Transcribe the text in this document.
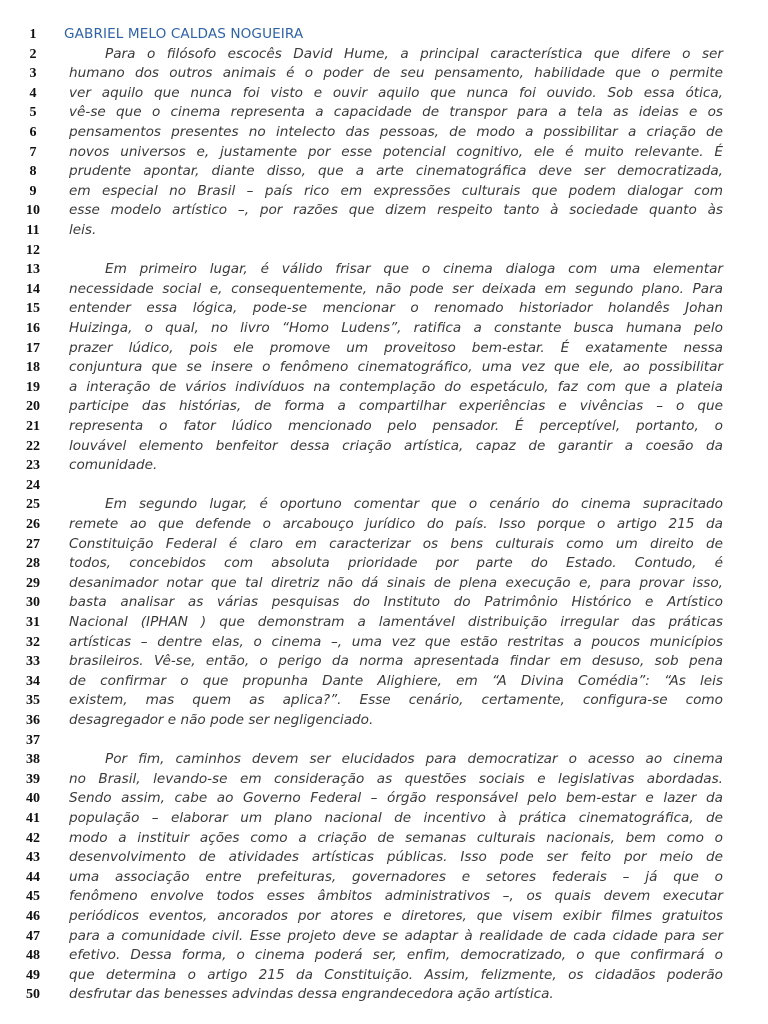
1	GABRIEL MELO CALDAS NOGUEIRA
2	Para o filósofo escocês David Hume, a principal característica que difere o ser
3	humano dos outros animais é o poder de seu pensamento, habilidade que o permite
4	ver aquilo que nunca foi visto e ouvir aquilo que nunca foi ouvido. Sob essa ótica,
5	vê-se que o cinema representa a capacidade de transpor para a tela as ideias e os
6	pensamentos presentes no intelecto das pessoas, de modo a possibilitar a criação de
7	novos universos e, justamente por esse potencial cognitivo, ele é muito relevante. É
8	prudente apontar, diante disso, que a arte cinematográfica deve ser democratizada,
9	em especial no Brasil – país rico em expressões culturais que podem dialogar com
10	esse modelo artístico –, por razões que dizem respeito tanto à sociedade quanto às
11	leis.
12
13	Em primeiro lugar, é válido frisar que o cinema dialoga com uma elementar
14	necessidade social e, consequentemente, não pode ser deixada em segundo plano. Para
15	entender essa lógica, pode-se mencionar o renomado historiador holandês Johan
16	Huizinga, o qual, no livro “Homo Ludens”, ratifica a constante busca humana pelo
17	prazer lúdico, pois ele promove um proveitoso bem-estar. É exatamente nessa
18	conjuntura que se insere o fenômeno cinematográfico, uma vez que ele, ao possibilitar
19	a interação de vários indivíduos na contemplação do espetáculo, faz com que a plateia
20	participe das histórias, de forma a compartilhar experiências e vivências – o que
21	representa o fator lúdico mencionado pelo pensador. É perceptível, portanto, o
22	louvável elemento benfeitor dessa criação artística, capaz de garantir a coesão da
23	comunidade.
24
25	Em segundo lugar, é oportuno comentar que o cenário do cinema supracitado
26	remete ao que defende o arcabouço jurídico do país. Isso porque o artigo 215 da
27	Constituição Federal é claro em caracterizar os bens culturais como um direito de
28	todos, concebidos com absoluta prioridade por parte do Estado. Contudo, é
29	desanimador notar que tal diretriz não dá sinais de plena execução e, para provar isso,
30	basta analisar as várias pesquisas do Instituto do Patrimônio Histórico e Artístico
31	Nacional (IPHAN ) que demonstram a lamentável distribuição irregular das práticas
32	artísticas – dentre elas, o cinema –, uma vez que estão restritas a poucos municípios
33	brasileiros. Vê-se, então, o perigo da norma apresentada findar em desuso, sob pena
34	de confirmar o que propunha Dante Alighiere, em “A Divina Comédia”: “As leis
35	existem, mas quem as aplica?”. Esse cenário, certamente, configura-se como
36	desagregador e não pode ser negligenciado.
37
38	Por fim, caminhos devem ser elucidados para democratizar o acesso ao cinema
39	no Brasil, levando-se em consideração as questões sociais e legislativas abordadas.
40	Sendo assim, cabe ao Governo Federal – órgão responsável pelo bem-estar e lazer da
41	população – elaborar um plano nacional de incentivo à prática cinematográfica, de
42	modo a instituir ações como a criação de semanas culturais nacionais, bem como o
43	desenvolvimento de atividades artísticas públicas. Isso pode ser feito por meio de
44	uma associação entre prefeituras, governadores e setores federais – já que o
45	fenômeno envolve todos esses âmbitos administrativos –, os quais devem executar
46	periódicos eventos, ancorados por atores e diretores, que visem exibir filmes gratuitos
47	para a comunidade civil. Esse projeto deve se adaptar à realidade de cada cidade para ser
48	efetivo. Dessa forma, o cinema poderá ser, enfim, democratizado, o que confirmará o
49	que determina o artigo 215 da Constituição. Assim, felizmente, os cidadãos poderão
50	desfrutar das benesses advindas dessa engrandecedora ação artística.
